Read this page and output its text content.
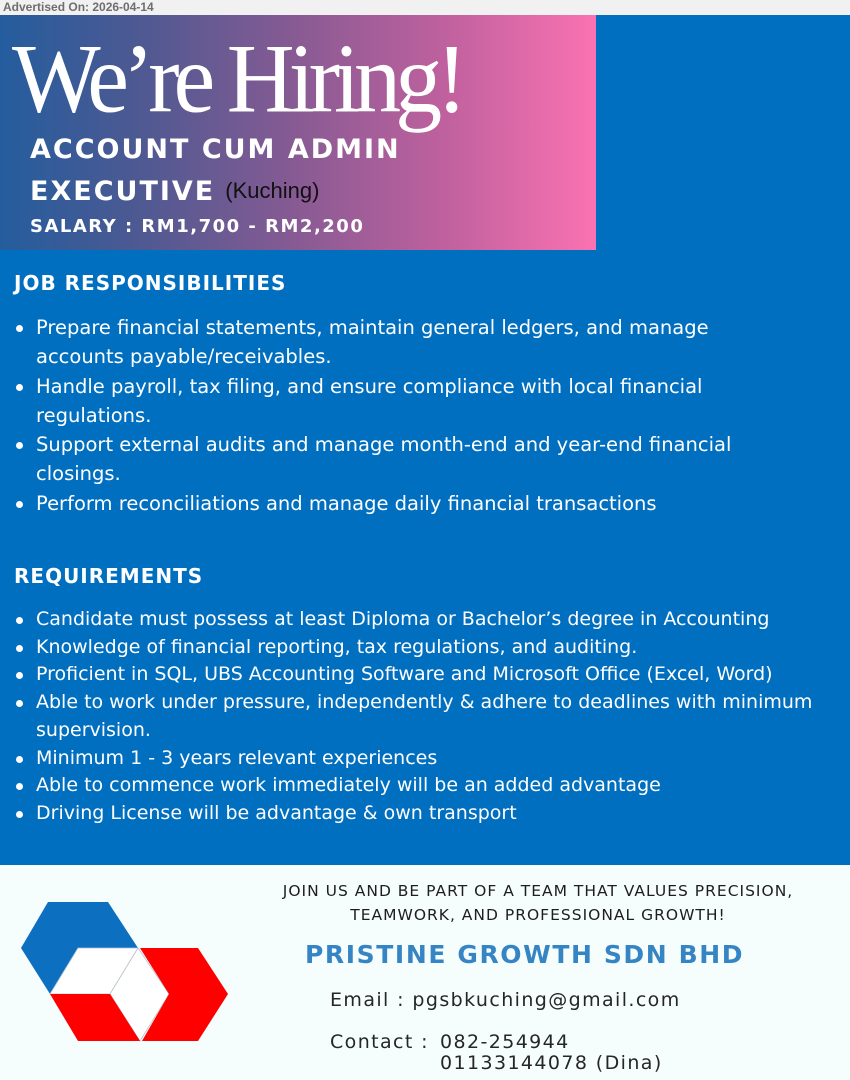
Advertised On: 2026-04-14
We’re Hiring!
ACCOUNT CUM ADMIN
EXECUTIVE (Kuching)
SALARY : RM1,700 - RM2,200
JOB RESPONSIBILITIES
Prepare financial statements, maintain general ledgers, and manage accounts payable/receivables.
Handle payroll, tax filing, and ensure compliance with local financial regulations.
Support external audits and manage month-end and year-end financial closings.
Perform reconciliations and manage daily financial transactions
REQUIREMENTS
Candidate must possess at least Diploma or Bachelor’s degree in Accounting
Knowledge of financial reporting, tax regulations, and auditing.
Proficient in SQL, UBS Accounting Software and Microsoft Office (Excel, Word)
Able to work under pressure, independently & adhere to deadlines with minimum supervision.
Minimum 1 - 3 years relevant experiences
Able to commence work immediately will be an added advantage
Driving License will be advantage & own transport
JOIN US AND BE PART OF A TEAM THAT VALUES PRECISION,
TEAMWORK, AND PROFESSIONAL GROWTH!
PRISTINE GROWTH SDN BHD
Email : pgsbkuching@gmail.com
Contact : 082-254944
01133144078 (Dina)
